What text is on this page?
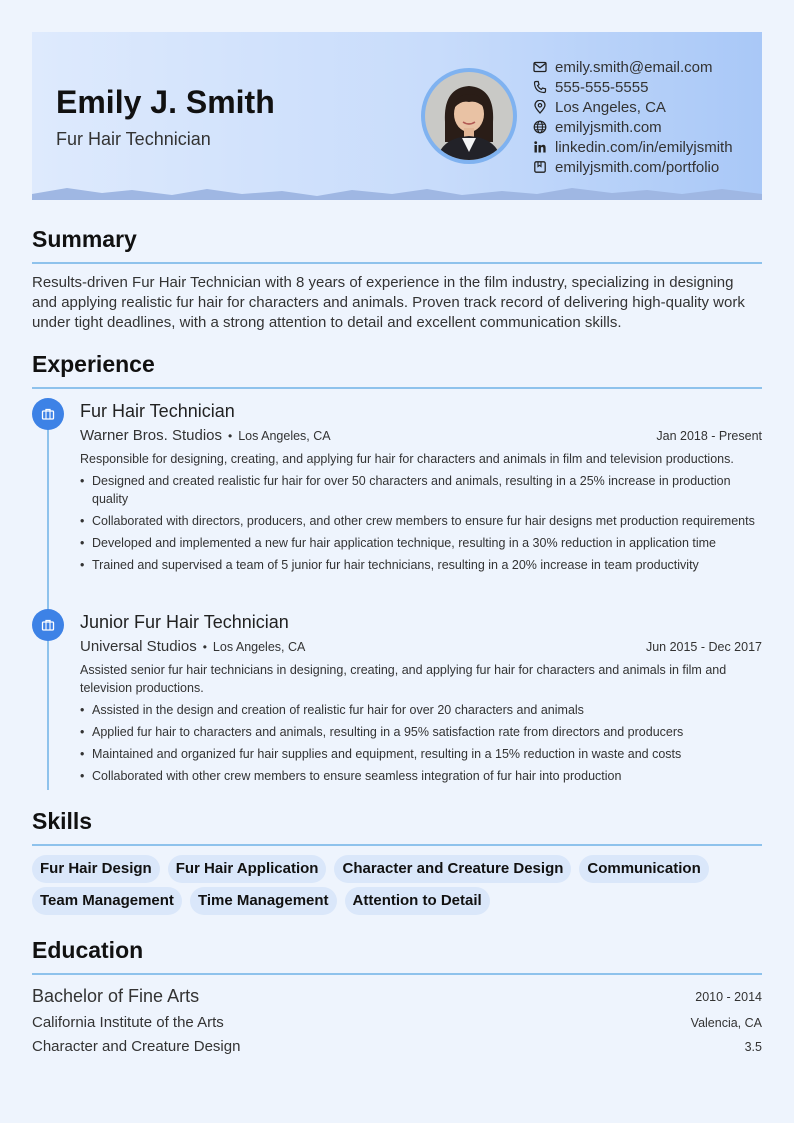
Emily J. Smith
Fur Hair Technician
emily.smith@email.com
555-555-5555
Los Angeles, CA
emilyjsmith.com
linkedin.com/in/emilyjsmith
emilyjsmith.com/portfolio
Summary
Results-driven Fur Hair Technician with 8 years of experience in the film industry, specializing in designing and applying realistic fur hair for characters and animals. Proven track record of delivering high-quality work under tight deadlines, with a strong attention to detail and excellent communication skills.
Experience
Fur Hair Technician
Warner Bros. Studios • Los Angeles, CA	Jan 2018 - Present
Responsible for designing, creating, and applying fur hair for characters and animals in film and television productions.
• Designed and created realistic fur hair for over 50 characters and animals, resulting in a 25% increase in production quality
• Collaborated with directors, producers, and other crew members to ensure fur hair designs met production requirements
• Developed and implemented a new fur hair application technique, resulting in a 30% reduction in application time
• Trained and supervised a team of 5 junior fur hair technicians, resulting in a 20% increase in team productivity
Junior Fur Hair Technician
Universal Studios • Los Angeles, CA	Jun 2015 - Dec 2017
Assisted senior fur hair technicians in designing, creating, and applying fur hair for characters and animals in film and television productions.
• Assisted in the design and creation of realistic fur hair for over 20 characters and animals
• Applied fur hair to characters and animals, resulting in a 95% satisfaction rate from directors and producers
• Maintained and organized fur hair supplies and equipment, resulting in a 15% reduction in waste and costs
• Collaborated with other crew members to ensure seamless integration of fur hair into production
Skills
Fur Hair Design	Fur Hair Application	Character and Creature Design	Communication
Team Management	Time Management	Attention to Detail
Education
Bachelor of Fine Arts	2010 - 2014
California Institute of the Arts	Valencia, CA
Character and Creature Design	3.5
